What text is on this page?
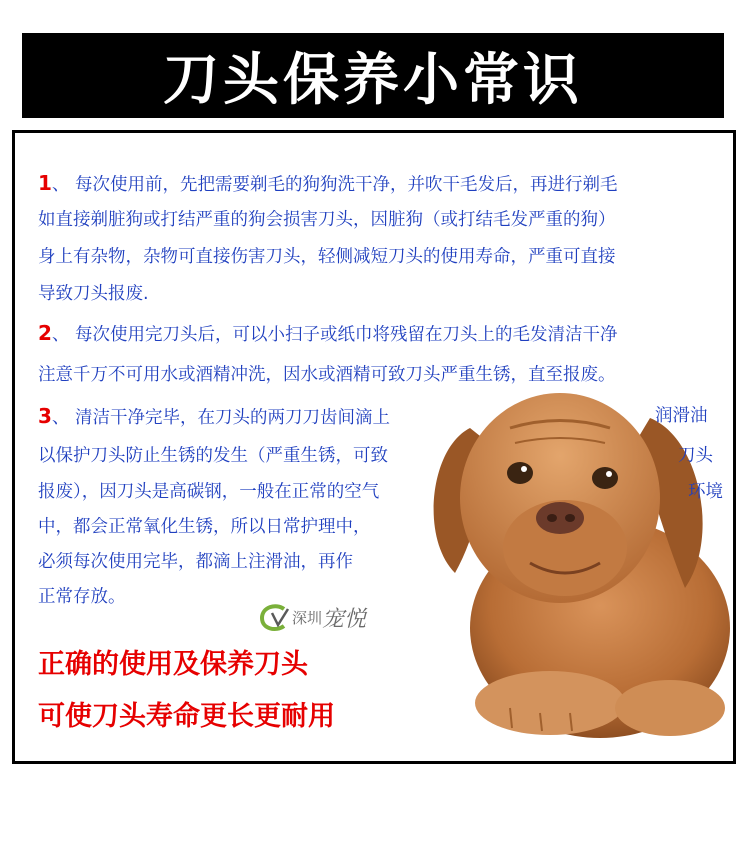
刀头保养小常识
1、 每次使用前，先把需要剃毛的狗狗洗干净，并吹干毛发后，再进行剃毛
如直接剃脏狗或打结严重的狗会损害刀头，因脏狗（或打结毛发严重的狗）
身上有杂物，杂物可直接伤害刀头，轻侧减短刀头的使用寿命，严重可直接
导致刀头报废.
2、 每次使用完刀头后，可以小扫子或纸巾将残留在刀头上的毛发清洁干净
注意千万不可用水或酒精冲洗，因水或酒精可致刀头严重生锈，直至报废。
3、 清洁干净完毕，在刀头的两刀刀齿间滴上	润滑油
以保护刀头防止生锈的发生（严重生锈，可致	刀头
报废），因刀头是高碳钢，一般在正常的空气	环境
中，都会正常氧化生锈，所以日常护理中，
必须每次使用完毕，都滴上注滑油，再作
正常存放。
深圳 宠悦
正确的使用及保养刀头
可使刀头寿命更长更耐用
